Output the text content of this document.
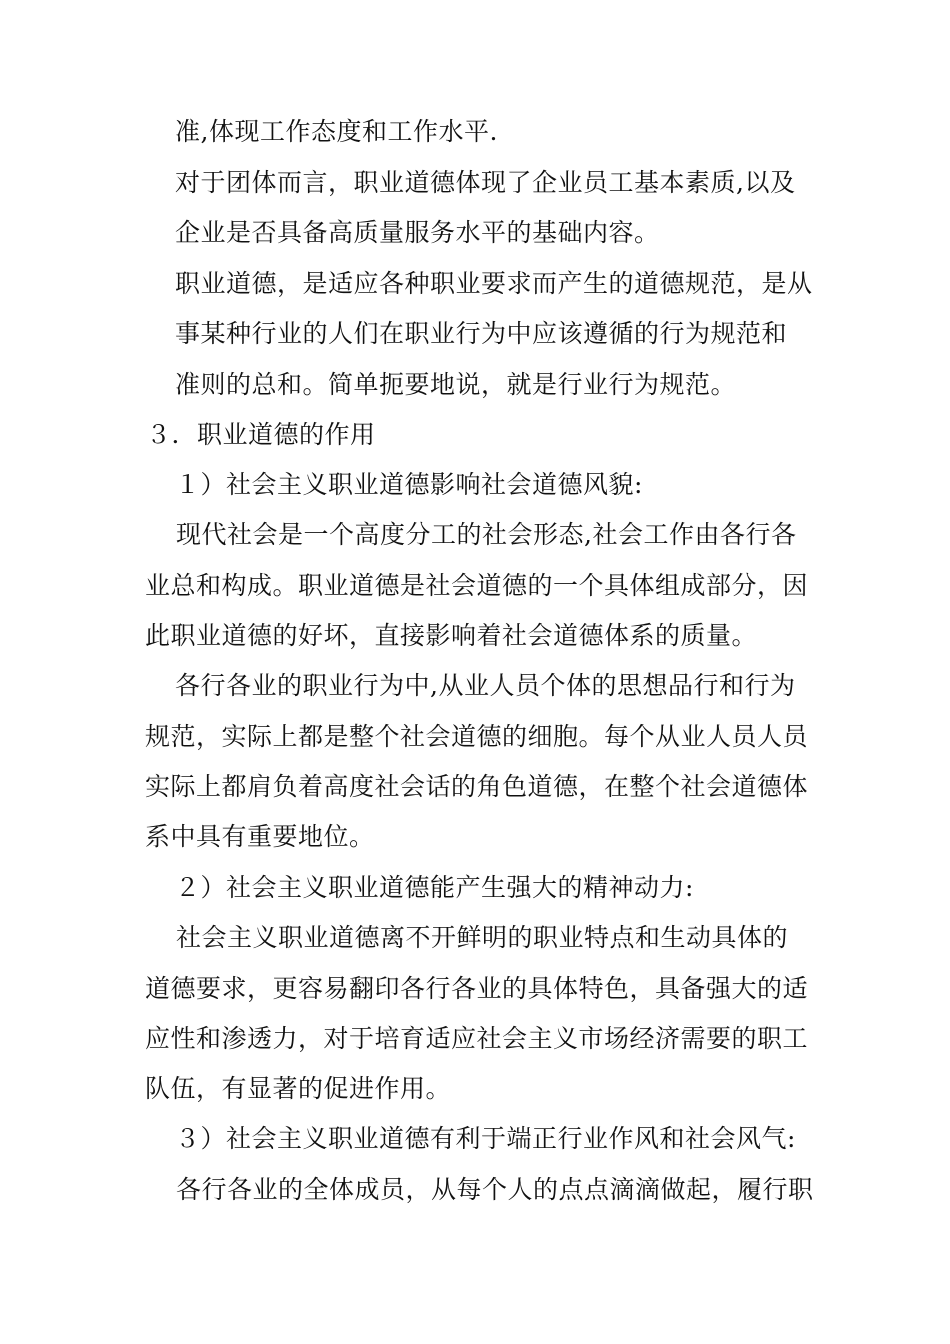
准,体现工作态度和工作水平.
对于团体而言，职业道德体现了企业员工基本素质,以及
企业是否具备高质量服务水平的基础内容。
职业道德，是适应各种职业要求而产生的道德规范，是从
事某种行业的人们在职业行为中应该遵循的行为规范和
准则的总和。简单扼要地说，就是行业行为规范。
３．职业道德的作用
１）社会主义职业道德影响社会道德风貌:
现代社会是一个高度分工的社会形态,社会工作由各行各
业总和构成。职业道德是社会道德的一个具体组成部分，因
此职业道德的好坏，直接影响着社会道德体系的质量。
各行各业的职业行为中,从业人员个体的思想品行和行为
规范，实际上都是整个社会道德的细胞。每个从业人员人员
实际上都肩负着高度社会话的角色道德，在整个社会道德体
系中具有重要地位。
２）社会主义职业道德能产生强大的精神动力:
社会主义职业道德离不开鲜明的职业特点和生动具体的
道德要求，更容易翻印各行各业的具体特色，具备强大的适
应性和渗透力，对于培育适应社会主义市场经济需要的职工
队伍，有显著的促进作用。
３）社会主义职业道德有利于端正行业作风和社会风气:
各行各业的全体成员，从每个人的点点滴滴做起，履行职
